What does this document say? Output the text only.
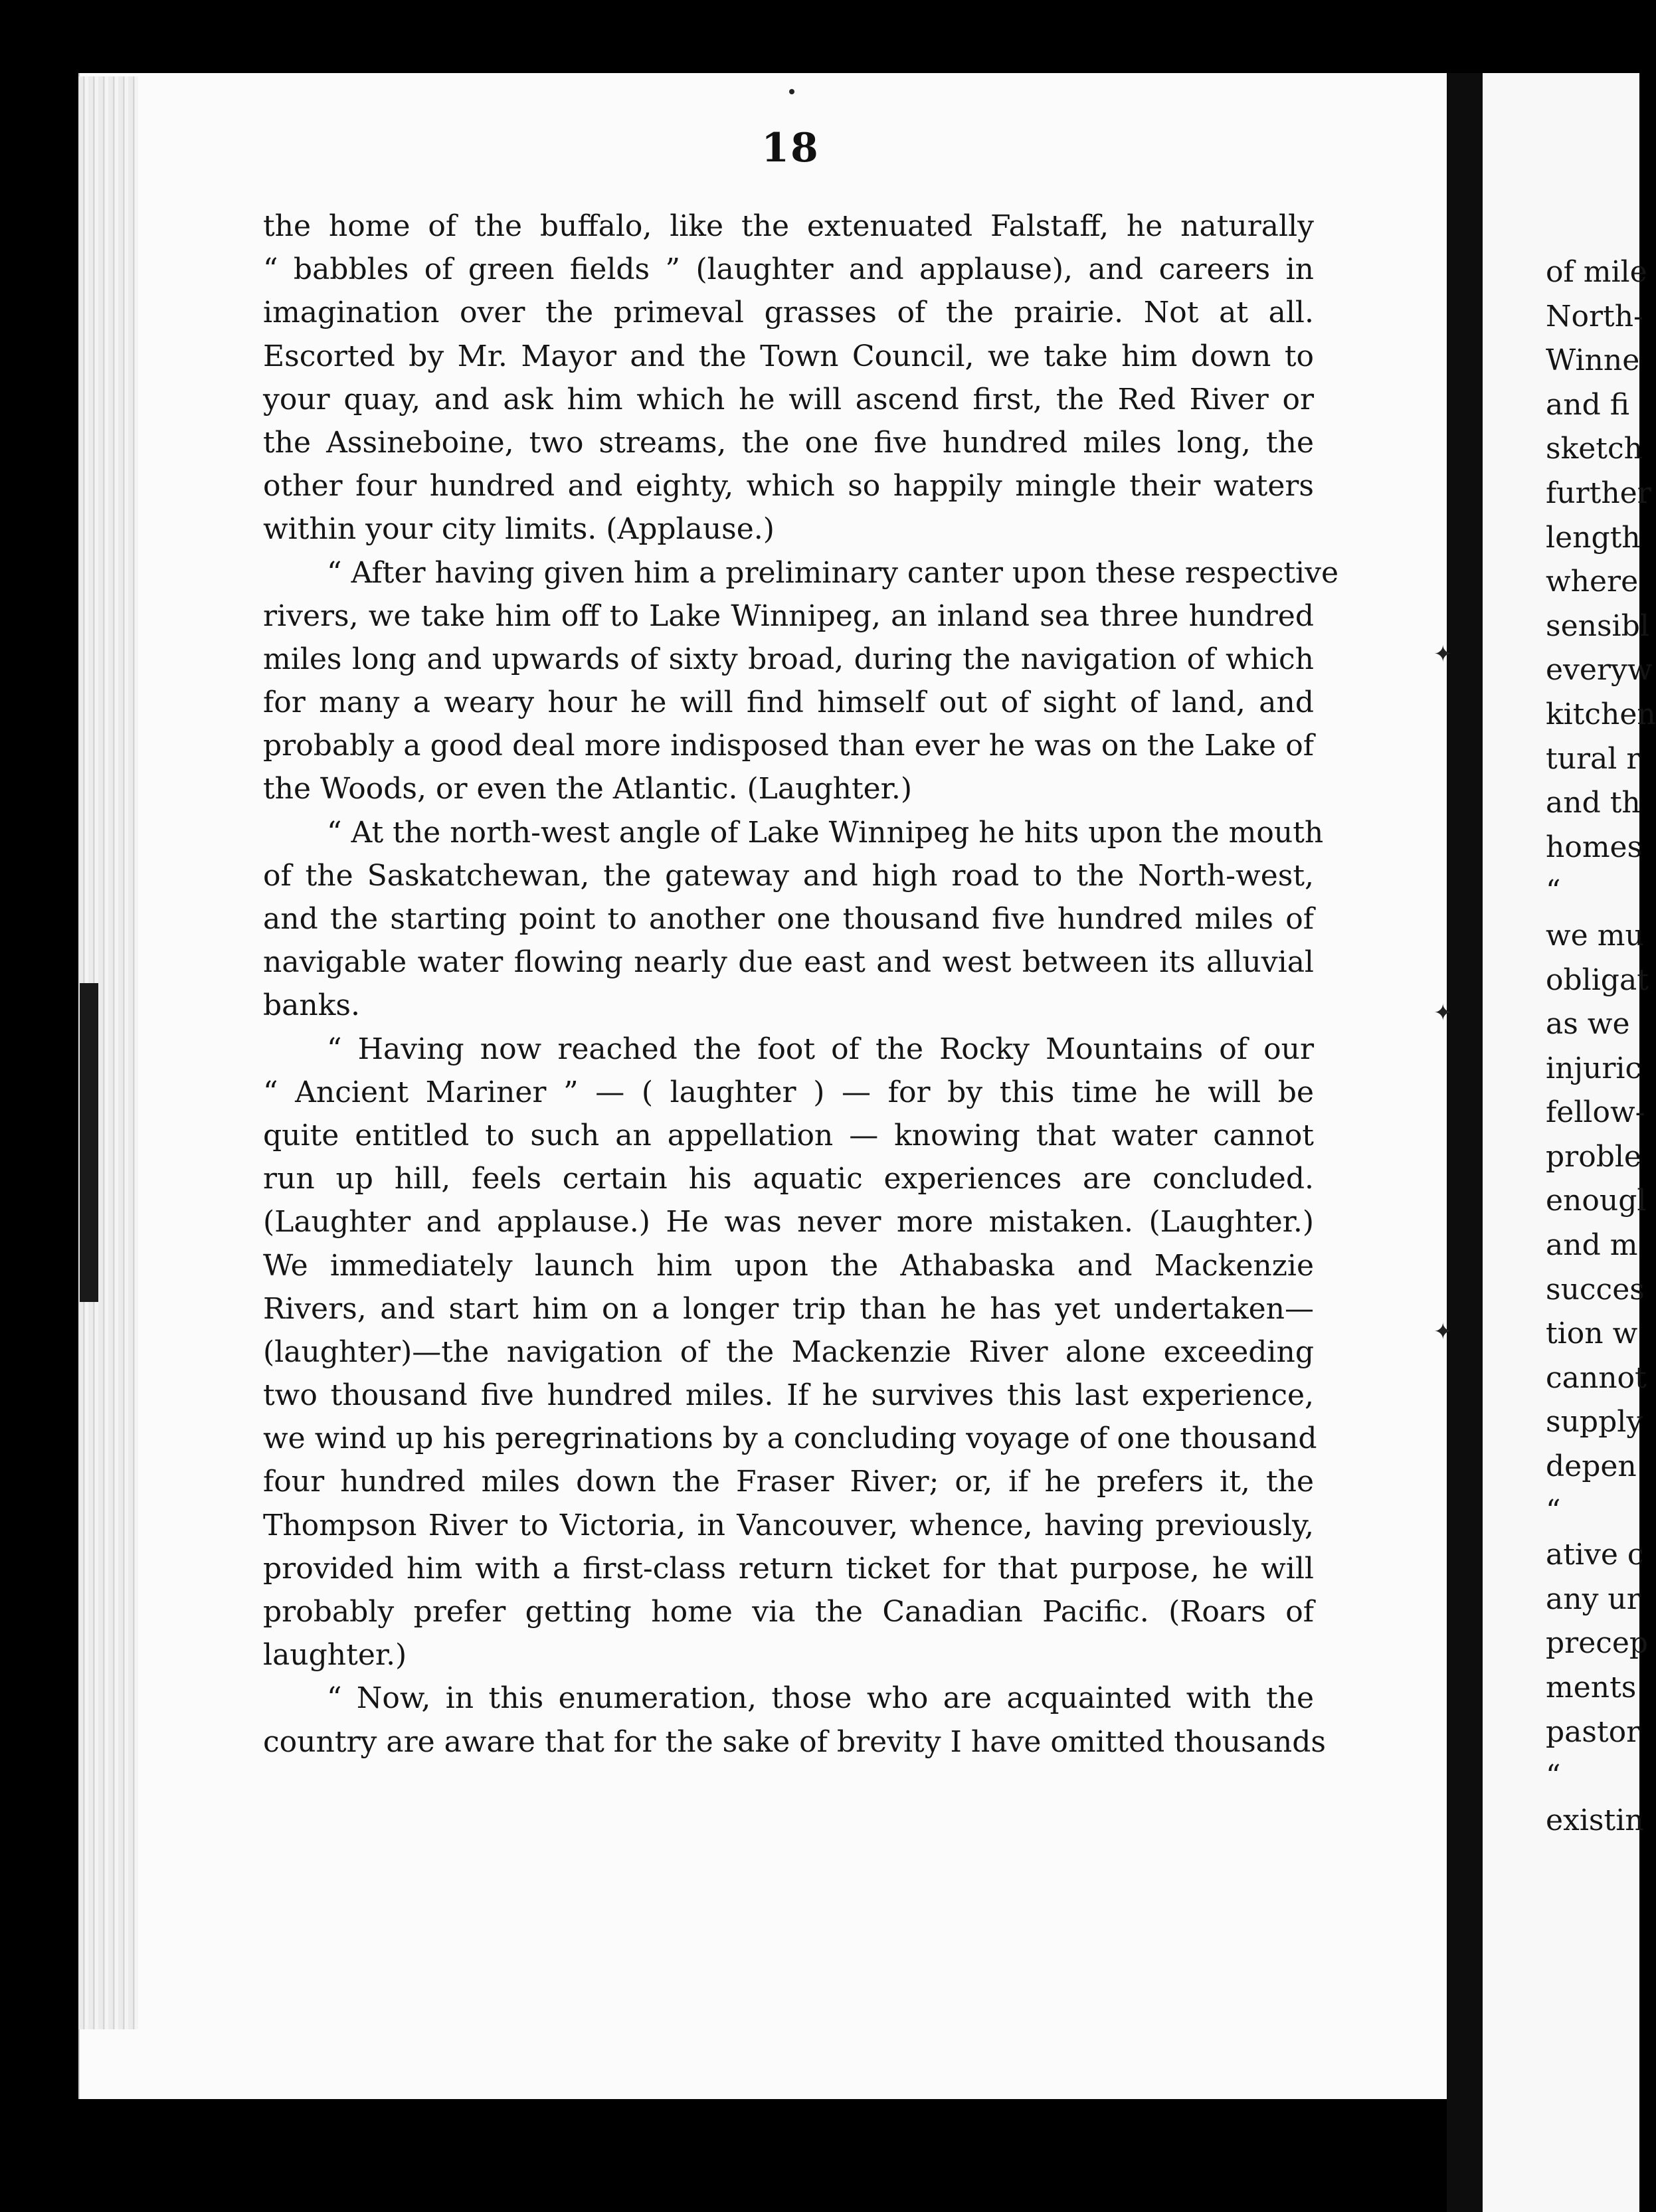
18
the home of the buffalo, like the extenuated Falstaff, he naturally
“ babbles of green fields ” (laughter and applause), and careers in
imagination over the primeval grasses of the prairie. Not at all.
Escorted by Mr. Mayor and the Town Council, we take him down to
your quay, and ask him which he will ascend first, the Red River or
the Assineboine, two streams, the one five hundred miles long, the
other four hundred and eighty, which so happily mingle their waters
within your city limits. (Applause.)
“ After having given him a preliminary canter upon these respective
rivers, we take him off to Lake Winnipeg, an inland sea three hundred
miles long and upwards of sixty broad, during the navigation of which
for many a weary hour he will find himself out of sight of land, and
probably a good deal more indisposed than ever he was on the Lake of
the Woods, or even the Atlantic. (Laughter.)
“ At the north-west angle of Lake Winnipeg he hits upon the mouth
of the Saskatchewan, the gateway and high road to the North-west,
and the starting point to another one thousand five hundred miles of
navigable water flowing nearly due east and west between its alluvial
banks.
“ Having now reached the foot of the Rocky Mountains of our
“ Ancient Mariner ” — ( laughter ) — for by this time he will be
quite entitled to such an appellation — knowing that water cannot
run up hill, feels certain his aquatic experiences are concluded.
(Laughter and applause.) He was never more mistaken. (Laughter.)
We immediately launch him upon the Athabaska and Mackenzie
Rivers, and start him on a longer trip than he has yet undertaken—
(laughter)—the navigation of the Mackenzie River alone exceeding
two thousand five hundred miles. If he survives this last experience,
we wind up his peregrinations by a concluding voyage of one thousand
four hundred miles down the Fraser River; or, if he prefers it, the
Thompson River to Victoria, in Vancouver, whence, having previously,
provided him with a first-class return ticket for that purpose, he will
probably prefer getting home via the Canadian Pacific. (Roars of
laughter.)
“ Now, in this enumeration, those who are acquainted with the
country are aware that for the sake of brevity I have omitted thousands
of mile
North-
Winne
and fi
sketch
further
length
where
sensibl
everyw
kitchen
tural r
and th
homes
“
we mu
obligat
as we
injuric
fellow-
proble
enougl
and m
succes
tion w
cannot
supply
depen
“
ative c
any ur
precep
ments
pastor
“
existin
✦
✦
✦
